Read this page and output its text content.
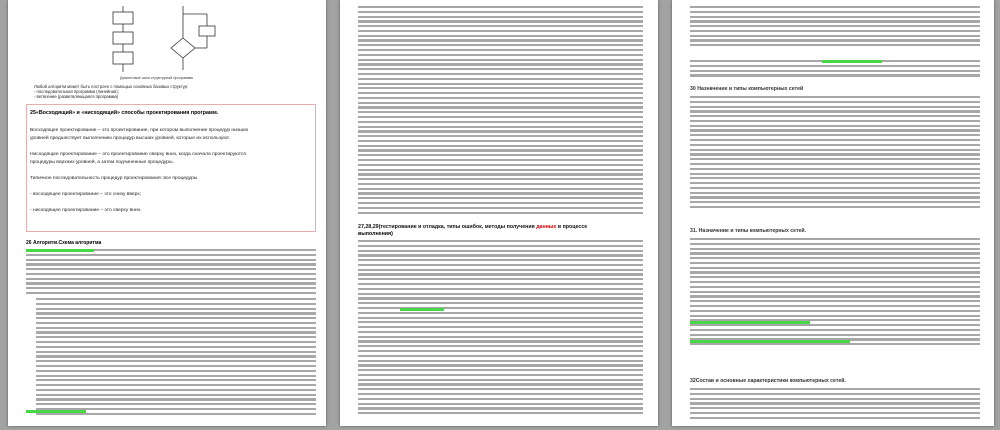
Диалоговое окно структурной программы
Любой алгоритм может быть построен с помощью основных базовых структур:
- последовательная программа (линейная);
- ветвление (разветвляющаяся программа)
25«Восходящий» и «нисходящий» способы проектирования программ.
Восходящее проектирование – это проектирование, при котором выполнение процедур низших
уровней предшествует выполнению процедур высших уровней, которые их используют.
Нисходящее проектирование – это проектирование сверху вниз, когда сначала проектируются
процедуры верхних уровней, а затем подчиненные процедуры.
Типичное последовательность процедур проектирования: все процедуры
- восходящее проектирование – это снизу вверх;
- нисходящее проектирование – это сверху вниз.
26 Алгоритм.Схема алгоритма
27,28,29(тестирование и отладка, типы ошибок, методы получения данных в процессе
выполнения)
30 Назначение и типы компьютерных сетей
31. Назначение и типы компьютерных сетей.
32Состав и основные характеристики компьютерных сетей.
